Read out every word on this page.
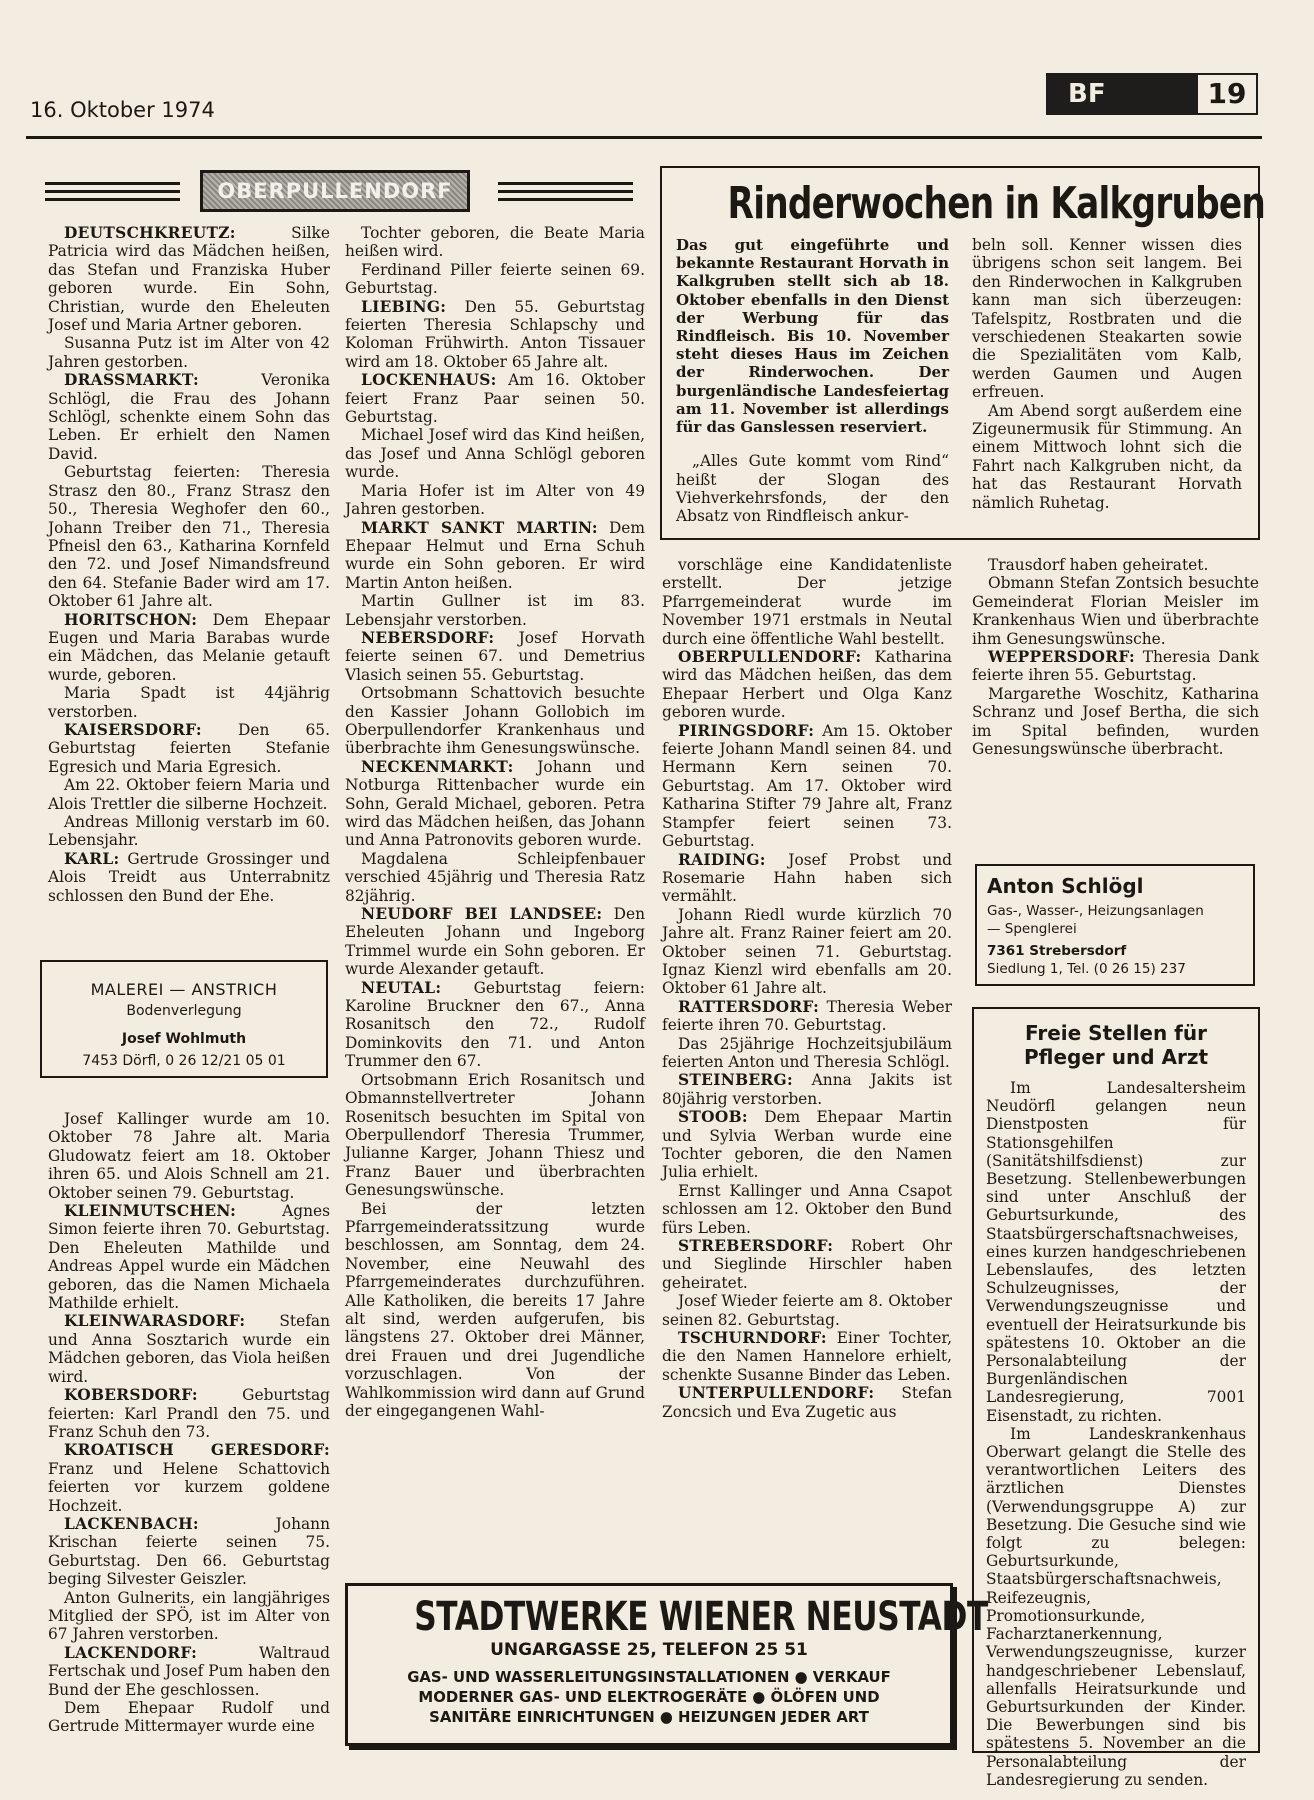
16. Oktober 1974
BF	19
OBERPULLENDORF

DEUTSCHKREUTZ: Silke Patricia wird das Mädchen heißen, das Stefan und Franziska Huber geboren wurde. Ein Sohn, Christian, wurde den Eheleuten Josef und Maria Artner geboren.

Susanna Putz ist im Alter von 42 Jahren gestorben.

DRASSMARKT: Veronika Schlögl, die Frau des Johann Schlögl, schenkte einem Sohn das Leben. Er erhielt den Namen David.

Geburtstag feierten: Theresia Strasz den 80., Franz Strasz den 50., Theresia Weghofer den 60., Johann Treiber den 71., Theresia Pfneisl den 63., Katharina Kornfeld den 72. und Josef Nimandsfreund den 64. Stefanie Bader wird am 17. Oktober 61 Jahre alt.

HORITSCHON: Dem Ehepaar Eugen und Maria Barabas wurde ein Mädchen, das Melanie getauft wurde, geboren.

Maria Spadt ist 44jährig verstorben.

KAISERSDORF: Den 65. Geburtstag feierten Stefanie Egresich und Maria Egresich.

Am 22. Oktober feiern Maria und Alois Trettler die silberne Hochzeit.

Andreas Millonig verstarb im 60. Lebensjahr.

KARL: Gertrude Grossinger und Alois Treidt aus Unterrabnitz schlossen den Bund der Ehe.

MALEREI — ANSTRICH
Bodenverlegung
Josef Wohlmuth
7453 Dörfl, 0 26 12/21 05 01

Josef Kallinger wurde am 10. Oktober 78 Jahre alt. Maria Gludowatz feiert am 18. Oktober ihren 65. und Alois Schnell am 21. Oktober seinen 79. Geburtstag.

KLEINMUTSCHEN: Agnes Simon feierte ihren 70. Geburtstag. Den Eheleuten Mathilde und Andreas Appel wurde ein Mädchen geboren, das die Namen Michaela Mathilde erhielt.

KLEINWARASDORF: Stefan und Anna Sosztarich wurde ein Mädchen geboren, das Viola heißen wird.

KOBERSDORF: Geburtstag feierten: Karl Prandl den 75. und Franz Schuh den 73.

KROATISCH GERESDORF: Franz und Helene Schattovich feierten vor kurzem goldene Hochzeit.

LACKENBACH: Johann Krischan feierte seinen 75. Geburtstag. Den 66. Geburtstag beging Silvester Geiszler.

Anton Gulnerits, ein langjähriges Mitglied der SPÖ, ist im Alter von 67 Jahren verstorben.

LACKENDORF: Waltraud Fertschak und Josef Pum haben den Bund der Ehe geschlossen.

Dem Ehepaar Rudolf und Gertrude Mittermayer wurde eine

Tochter geboren, die Beate Maria heißen wird.

Ferdinand Piller feierte seinen 69. Geburtstag.

LIEBING: Den 55. Geburtstag feierten Theresia Schlapschy und Koloman Frühwirth. Anton Tissauer wird am 18. Oktober 65 Jahre alt.

LOCKENHAUS: Am 16. Oktober feiert Franz Paar seinen 50. Geburtstag.

Michael Josef wird das Kind heißen, das Josef und Anna Schlögl geboren wurde.

Maria Hofer ist im Alter von 49 Jahren gestorben.

MARKT SANKT MARTIN: Dem Ehepaar Helmut und Erna Schuh wurde ein Sohn geboren. Er wird Martin Anton heißen.

Martin Gullner ist im 83. Lebensjahr verstorben.

NEBERSDORF: Josef Horvath feierte seinen 67. und Demetrius Vlasich seinen 55. Geburtstag.

Ortsobmann Schattovich besuchte den Kassier Johann Gollobich im Oberpullendorfer Krankenhaus und überbrachte ihm Genesungswünsche.

NECKENMARKT: Johann und Notburga Rittenbacher wurde ein Sohn, Gerald Michael, geboren. Petra wird das Mädchen heißen, das Johann und Anna Patronovits geboren wurde.

Magdalena Schleipfenbauer verschied 45jährig und Theresia Ratz 82jährig.

NEUDORF BEI LANDSEE: Den Eheleuten Johann und Ingeborg Trimmel wurde ein Sohn geboren. Er wurde Alexander getauft.

NEUTAL: Geburtstag feiern: Karoline Bruckner den 67., Anna Rosanitsch den 72., Rudolf Dominkovits den 71. und Anton Trummer den 67.

Ortsobmann Erich Rosanitsch und Obmannstellvertreter Johann Rosenitsch besuchten im Spital von Oberpullendorf Theresia Trummer, Julianne Karger, Johann Thiesz und Franz Bauer und überbrachten Genesungswünsche.

Bei der letzten Pfarrgemeinderatssitzung wurde beschlossen, am Sonntag, dem 24. November, eine Neuwahl des Pfarrgemeinderates durchzuführen. Alle Katholiken, die bereits 17 Jahre alt sind, werden aufgerufen, bis längstens 27. Oktober drei Männer, drei Frauen und drei Jugendliche vorzuschlagen. Von der Wahlkommission wird dann auf Grund der eingegangenen Wahl-

Rinderwochen in Kalkgruben

Das gut eingeführte und bekannte Restaurant Horvath in Kalkgruben stellt sich ab 18. Oktober ebenfalls in den Dienst der Werbung für das Rindfleisch. Bis 10. November steht dieses Haus im Zeichen der Rinderwochen. Der burgenländische Landesfeiertag am 11. November ist allerdings für das Ganslessen reserviert.

„Alles Gute kommt vom Rind“ heißt der Slogan des Viehverkehrsfonds, der den Absatz von Rindfleisch ankur-

beln soll. Kenner wissen dies übrigens schon seit langem. Bei den Rinderwochen in Kalkgruben kann man sich überzeugen: Tafelspitz, Rostbraten und die verschiedenen Steakarten sowie die Spezialitäten vom Kalb, werden Gaumen und Augen erfreuen.

Am Abend sorgt außerdem eine Zigeunermusik für Stimmung. An einem Mittwoch lohnt sich die Fahrt nach Kalkgruben nicht, da hat das Restaurant Horvath nämlich Ruhetag.

vorschläge eine Kandidatenliste erstellt. Der jetzige Pfarrgemeinderat wurde im November 1971 erstmals in Neutal durch eine öffentliche Wahl bestellt.

OBERPULLENDORF: Katharina wird das Mädchen heißen, das dem Ehepaar Herbert und Olga Kanz geboren wurde.

PIRINGSDORF: Am 15. Oktober feierte Johann Mandl seinen 84. und Hermann Kern seinen 70. Geburtstag. Am 17. Oktober wird Katharina Stifter 79 Jahre alt, Franz Stampfer feiert seinen 73. Geburtstag.

RAIDING: Josef Probst und Rosemarie Hahn haben sich vermählt.

Johann Riedl wurde kürzlich 70 Jahre alt. Franz Rainer feiert am 20. Oktober seinen 71. Geburtstag. Ignaz Kienzl wird ebenfalls am 20. Oktober 61 Jahre alt.

RATTERSDORF: Theresia Weber feierte ihren 70. Geburtstag.

Das 25jährige Hochzeitsjubiläum feierten Anton und Theresia Schlögl.

STEINBERG: Anna Jakits ist 80jährig verstorben.

STOOB: Dem Ehepaar Martin und Sylvia Werban wurde eine Tochter geboren, die den Namen Julia erhielt.

Ernst Kallinger und Anna Csapot schlossen am 12. Oktober den Bund fürs Leben.

STREBERSDORF: Robert Ohr und Sieglinde Hirschler haben geheiratet.

Josef Wieder feierte am 8. Oktober seinen 82. Geburtstag.

TSCHURNDORF: Einer Tochter, die den Namen Hannelore erhielt, schenkte Susanne Binder das Leben.

UNTERPULLENDORF: Stefan Zoncsich und Eva Zugetic aus

Trausdorf haben geheiratet.

Obmann Stefan Zontsich besuchte Gemeinderat Florian Meisler im Krankenhaus Wien und überbrachte ihm Genesungswünsche.

WEPPERSDORF: Theresia Dank feierte ihren 55. Geburtstag.

Margarethe Woschitz, Katharina Schranz und Josef Bertha, die sich im Spital befinden, wurden Genesungswünsche überbracht.

Anton Schlögl
Gas-, Wasser-, Heizungsanlagen
— Spenglerei
7361 Strebersdorf
Siedlung 1, Tel. (0 26 15) 237
Freie Stellen für
Pfleger und Arzt

Im Landesaltersheim Neudörfl gelangen neun Dienstposten für Stationsgehilfen (Sanitätshilfsdienst) zur Besetzung. Stellenbewerbungen sind unter Anschluß der Geburtsurkunde, des Staatsbürgerschaftsnachweises, eines kurzen handgeschriebenen Lebenslaufes, des letzten Schulzeugnisses, der Verwendungszeugnisse und eventuell der Heiratsurkunde bis spätestens 10. Oktober an die Personalabteilung der Burgenländischen Landesregierung, 7001 Eisenstadt, zu richten.

Im Landeskrankenhaus Oberwart gelangt die Stelle des verantwortlichen Leiters des ärztlichen Dienstes (Verwendungsgruppe A) zur Besetzung. Die Gesuche sind wie folgt zu belegen: Geburtsurkunde, Staatsbürgerschaftsnachweis, Reifezeugnis, Promotionsurkunde, Facharztanerkennung, Verwendungszeugnisse, kurzer handgeschriebener Lebenslauf, allenfalls Heiratsurkunde und Geburtsurkunden der Kinder. Die Bewerbungen sind bis spätestens 5. November an die Personalabteilung der Landesregierung zu senden.

STADTWERKE WIENER NEUSTADT
UNGARGASSE 25, TELEFON 25 51
GAS- UND WASSERLEITUNGSINSTALLATIONEN ● VERKAUF
MODERNER GAS- UND ELEKTROGERÄTE ● ÖLÖFEN UND
SANITÄRE EINRICHTUNGEN ● HEIZUNGEN JEDER ART
